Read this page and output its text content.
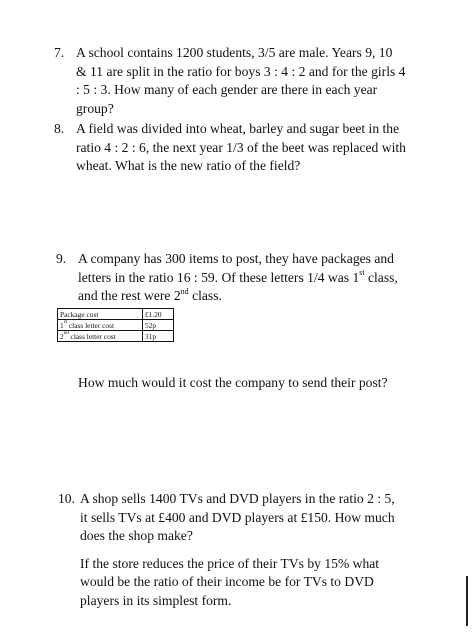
7. A school contains 1200 students, 3/5 are male. Years 9, 10
& 11 are split in the ratio for boys 3 : 4 : 2 and for the girls 4
: 5 : 3. How many of each gender are there in each year
group?
8. A field was divided into wheat, barley and sugar beet in the
ratio 4 : 2 : 6, the next year 1/3 of the beet was replaced with
wheat. What is the new ratio of the field?
9. A company has 300 items to post, they have packages and
letters in the ratio 16 : 59. Of these letters 1/4 was 1st class,
and the rest were 2nd class.
Package cost	£1.20
1st class letter cost	52p
2nd class letter cost	31p
How much would it cost the company to send their post?
10. A shop sells 1400 TVs and DVD players in the ratio 2 : 5,
it sells TVs at £400 and DVD players at £150. How much
does the shop make?
If the store reduces the price of their TVs by 15% what
would be the ratio of their income be for TVs to DVD
players in its simplest form.
